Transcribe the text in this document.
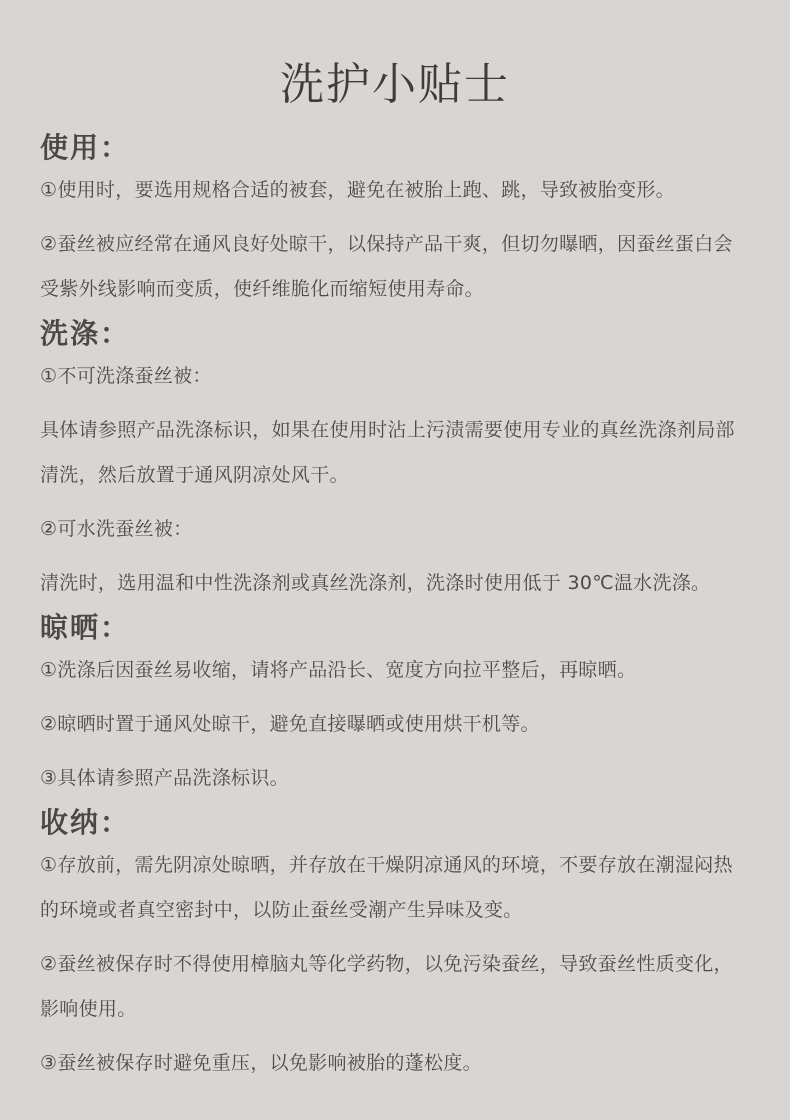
洗护小贴士
使用：

①使用时，要选用规格合适的被套，避免在被胎上跑、跳，导致被胎变形。

②蚕丝被应经常在通风良好处晾干，以保持产品干爽，但切勿曝晒，因蚕丝蛋白会受紫外线影响而变质，使纤维脆化而缩短使用寿命。

洗涤：

①不可洗涤蚕丝被：

具体请参照产品洗涤标识，如果在使用时沾上污渍需要使用专业的真丝洗涤剂局部清洗，然后放置于通风阴凉处风干。

②可水洗蚕丝被：

清洗时，选用温和中性洗涤剂或真丝洗涤剂，洗涤时使用低于 30℃温水洗涤。

晾晒：

①洗涤后因蚕丝易收缩，请将产品沿长、宽度方向拉平整后，再晾晒。

②晾晒时置于通风处晾干，避免直接曝晒或使用烘干机等。

③具体请参照产品洗涤标识。

收纳：

①存放前，需先阴凉处晾晒，并存放在干燥阴凉通风的环境，不要存放在潮湿闷热的环境或者真空密封中，以防止蚕丝受潮产生异味及变。

②蚕丝被保存时不得使用樟脑丸等化学药物，以免污染蚕丝，导致蚕丝性质变化，影响使用。

③蚕丝被保存时避免重压，以免影响被胎的蓬松度。
